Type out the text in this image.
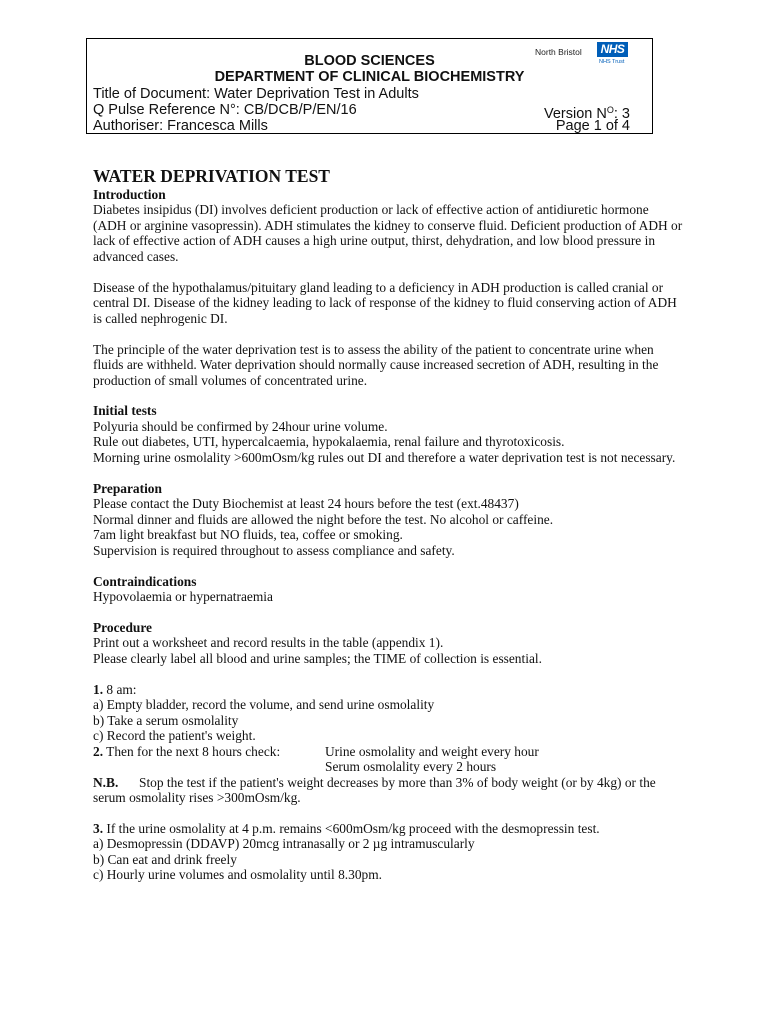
BLOOD SCIENCES
DEPARTMENT OF CLINICAL BIOCHEMISTRY
Title of Document: Water Deprivation Test in Adults
Q Pulse Reference N°: CB/DCB/P/EN/16	Version $N^O$: 3
Authoriser: Francesca Mills	Page 1 of 4
North Bristol NHS
NHS Trust

WATER DEPRIVATION TEST

Introduction

Diabetes insipidus (DI) involves deficient production or lack of effective action of antidiuretic hormone (ADH or arginine vasopressin). ADH stimulates the kidney to conserve fluid. Deficient production of ADH or lack of effective action of ADH causes a high urine output, thirst, dehydration, and low blood pressure in advanced cases.

Disease of the hypothalamus/pituitary gland leading to a deficiency in ADH production is called cranial or central DI. Disease of the kidney leading to lack of response of the kidney to fluid conserving action of ADH is called nephrogenic DI.

The principle of the water deprivation test is to assess the ability of the patient to concentrate urine when fluids are withheld. Water deprivation should normally cause increased secretion of ADH, resulting in the production of small volumes of concentrated urine.

Initial tests

Polyuria should be confirmed by 24hour urine volume.

Rule out diabetes, UTI, hypercalcaemia, hypokalaemia, renal failure and thyrotoxicosis.

Morning urine osmolality >600mOsm/kg rules out DI and therefore a water deprivation test is not necessary.

Preparation

Please contact the Duty Biochemist at least 24 hours before the test (ext.48437)

Normal dinner and fluids are allowed the night before the test. No alcohol or caffeine.

7am light breakfast but NO fluids, tea, coffee or smoking.

Supervision is required throughout to assess compliance and safety.

Contraindications

Hypovolaemia or hypernatraemia

Procedure

Print out a worksheet and record results in the table (appendix 1).

Please clearly label all blood and urine samples; the TIME of collection is essential.

1. 8 am:

a) Empty bladder, record the volume, and send urine osmolality

b) Take a serum osmolality

c) Record the patient's weight.

2. Then for the next 8 hours check:	Urine osmolality and weight every hour
Serum osmolality every 2 hours
N.B.	Stop the test if the patient's weight decreases by more than 3% of body weight (or by 4kg) or the

serum osmolality rises >300mOsm/kg.

3. If the urine osmolality at 4 p.m. remains <600mOsm/kg proceed with the desmopressin test.

a) Desmopressin (DDAVP) 20mcg intranasally or 2 µg intramuscularly

b) Can eat and drink freely

c) Hourly urine volumes and osmolality until 8.30pm.
